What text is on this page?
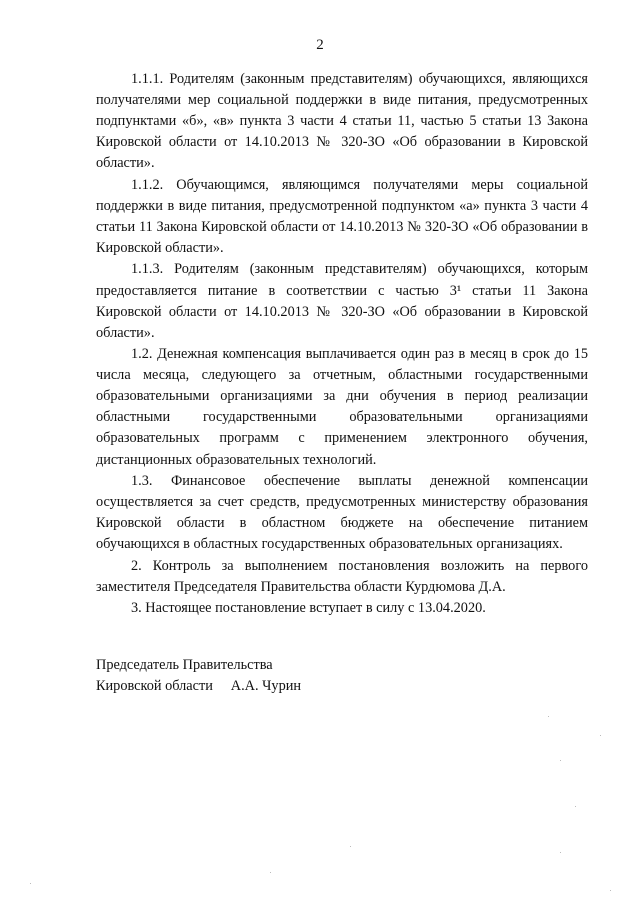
2

1.1.1. Родителям (законным представителям) обучающихся, являющихся получателями мер социальной поддержки в виде питания, предусмотренных подпунктами «б», «в» пункта 3 части 4 статьи 11, частью 5 статьи 13 Закона Кировской области от 14.10.2013 № 320-ЗО «Об образовании в Кировской области».

1.1.2. Обучающимся, являющимся получателями меры социальной поддержки в виде питания, предусмотренной подпунктом «а» пункта 3 части 4 статьи 11 Закона Кировской области от 14.10.2013 № 320-ЗО «Об образовании в Кировской области».

1.1.3. Родителям (законным представителям) обучающихся, которым предоставляется питание в соответствии с частью 3¹ статьи 11 Закона Кировской области от 14.10.2013 № 320-ЗО «Об образовании в Кировской области».

1.2. Денежная компенсация выплачивается один раз в месяц в срок до 15 числа месяца, следующего за отчетным, областными государственными образовательными организациями за дни обучения в период реализации областными государственными образовательными организациями образовательных программ с применением электронного обучения, дистанционных образовательных технологий.

1.3. Финансовое обеспечение выплаты денежной компенсации осуществляется за счет средств, предусмотренных министерству образования Кировской области в областном бюджете на обеспечение питанием обучающихся в областных государственных образовательных организациях.

2. Контроль за выполнением постановления возложить на первого заместителя Председателя Правительства области Курдюмова Д.А.

3. Настоящее постановление вступает в силу с 13.04.2020.

Председатель Правительства
Кировской области     А.А. Чурин
